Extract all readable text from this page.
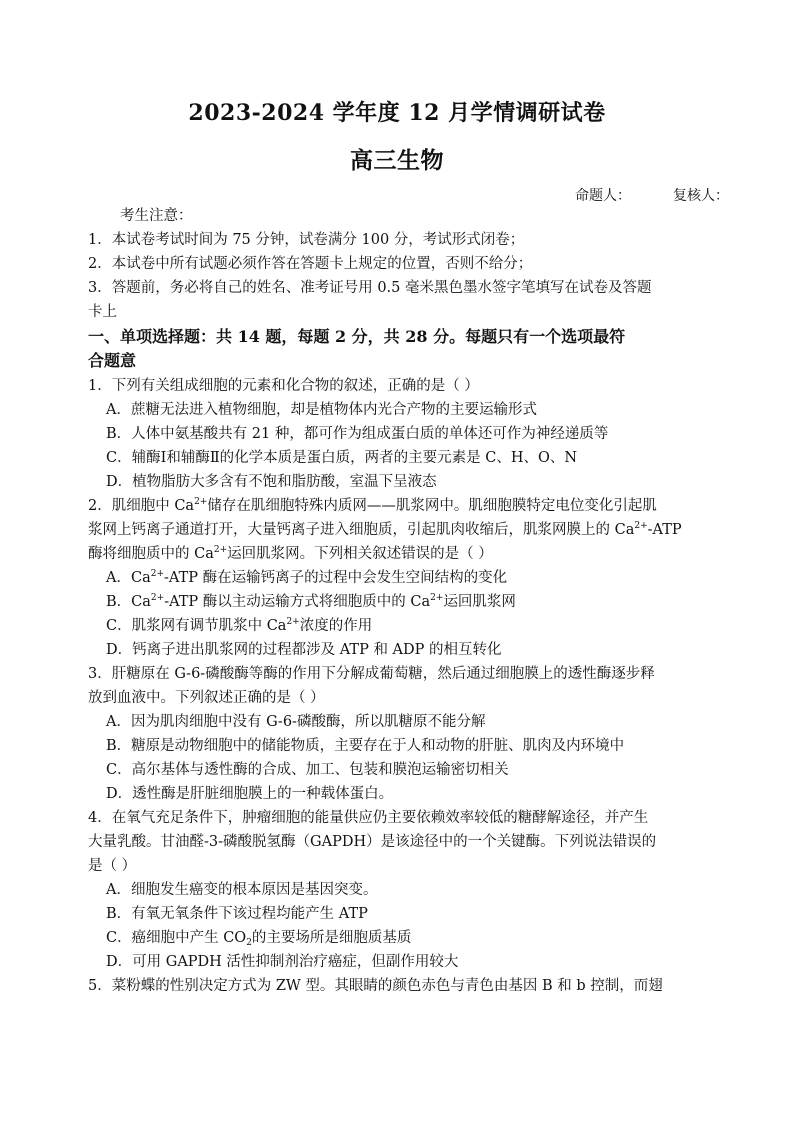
2023-2024 学年度 12 月学情调研试卷
高三生物
命题人：	复核人：
考生注意：
1．本试卷考试时间为 75 分钟，试卷满分 100 分，考试形式闭卷；
2．本试卷中所有试题必须作答在答题卡上规定的位置，否则不给分；
3．答题前，务必将自己的姓名、准考证号用 0.5 毫米黑色墨水签字笔填写在试卷及答题
卡上
一、单项选择题：共 14 题，每题 2 分，共 28 分。每题只有一个选项最符
合题意
1．下列有关组成细胞的元素和化合物的叙述，正确的是（ ）
A．蔗糖无法进入植物细胞，却是植物体内光合产物的主要运输形式
B．人体中氨基酸共有 21 种，都可作为组成蛋白质的单体还可作为神经递质等
C．辅酶Ⅰ和辅酶Ⅱ的化学本质是蛋白质，两者的主要元素是 C、H、O、N
D．植物脂肪大多含有不饱和脂肪酸，室温下呈液态
2．肌细胞中 $Ca^{2+}$储存在肌细胞特殊内质网——肌浆网中。肌细胞膜特定电位变化引起肌
浆网上钙离子通道打开，大量钙离子进入细胞质，引起肌肉收缩后，肌浆网膜上的 $Ca^{2+}$-ATP
酶将细胞质中的 $Ca^{2+}$运回肌浆网。下列相关叙述错误的是（ ）
A．$Ca^{2+}$-ATP 酶在运输钙离子的过程中会发生空间结构的变化
B．$Ca^{2+}$-ATP 酶以主动运输方式将细胞质中的 $Ca^{2+}$运回肌浆网
C．肌浆网有调节肌浆中 $Ca^{2+}$浓度的作用
D．钙离子进出肌浆网的过程都涉及 ATP 和 ADP 的相互转化
3．肝糖原在 G-6-磷酸酶等酶的作用下分解成葡萄糖，然后通过细胞膜上的透性酶逐步释
放到血液中。下列叙述正确的是（ ）
A．因为肌肉细胞中没有 G-6-磷酸酶，所以肌糖原不能分解
B．糖原是动物细胞中的储能物质，主要存在于人和动物的肝脏、肌肉及内环境中
C．高尔基体与透性酶的合成、加工、包装和膜泡运输密切相关
D．透性酶是肝脏细胞膜上的一种载体蛋白。
4．在氧气充足条件下，肿瘤细胞的能量供应仍主要依赖效率较低的糖酵解途径，并产生
大量乳酸。甘油醛-3-磷酸脱氢酶（GAPDH）是该途径中的一个关键酶。下列说法错误的
是（ ）
A．细胞发生癌变的根本原因是基因突变。
B．有氧无氧条件下该过程均能产生 ATP
C．癌细胞中产生 $CO_2$的主要场所是细胞质基质
D．可用 GAPDH 活性抑制剂治疗癌症，但副作用较大
5．菜粉蝶的性别决定方式为 ZW 型。其眼睛的颜色赤色与青色由基因 B 和 b 控制，而翅
